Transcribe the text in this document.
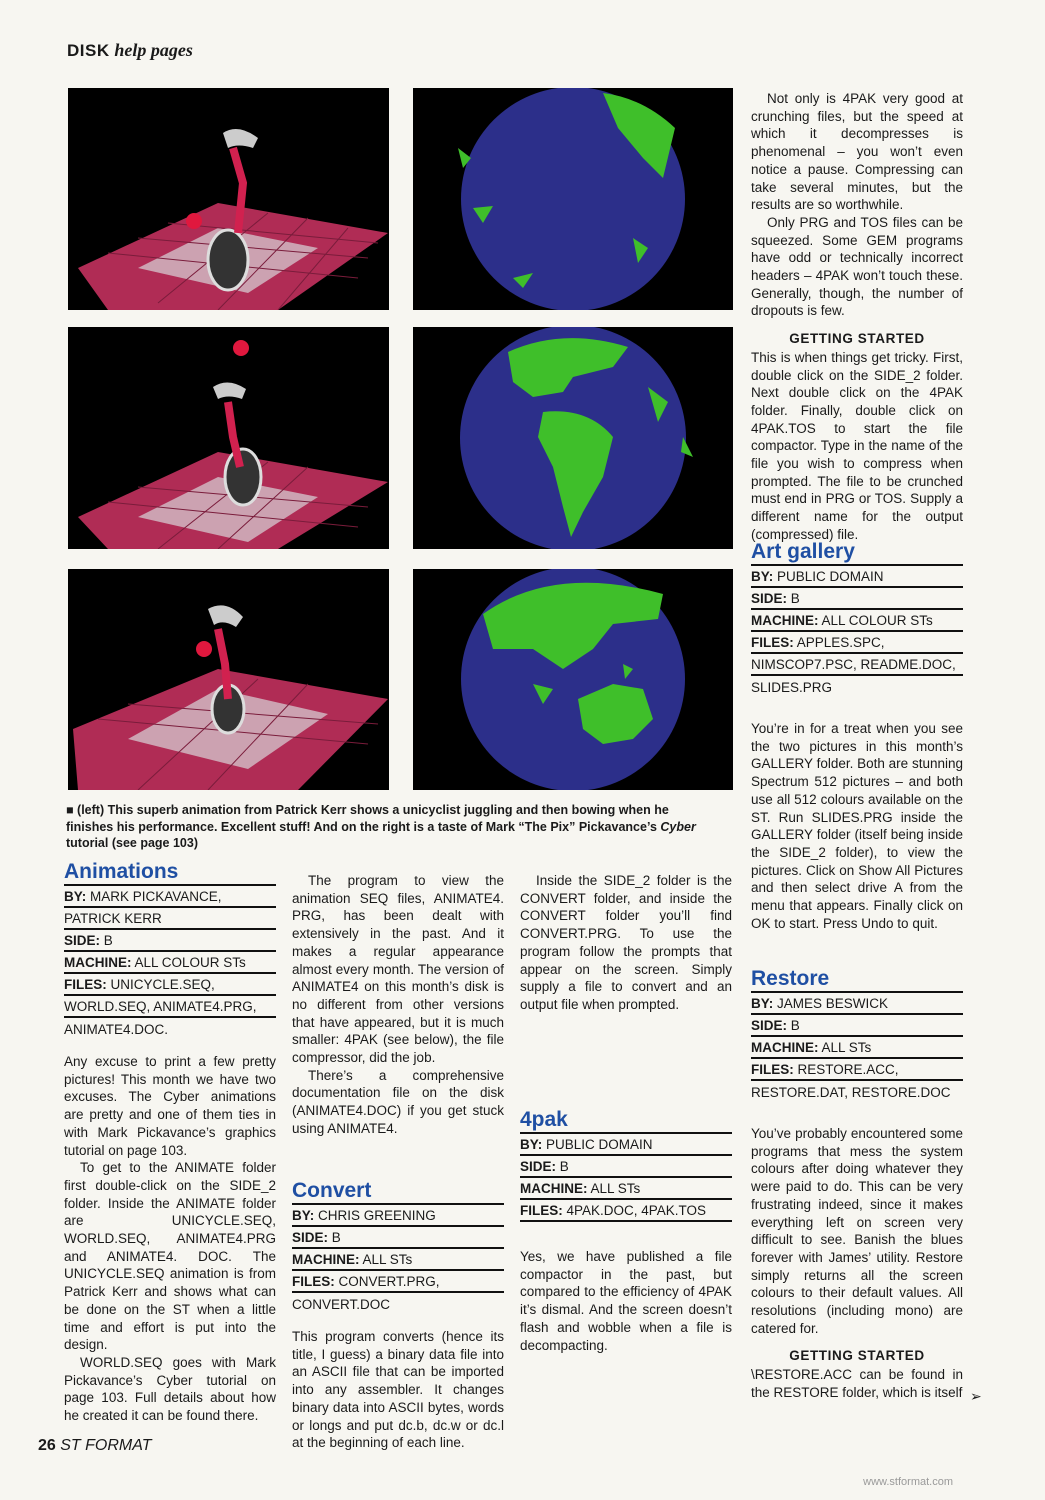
DISK help pages
■ (left) This superb animation from Patrick Kerr shows a unicyclist juggling and then bowing when he finishes his performance. Excellent stuff! And on the right is a taste of Mark “The Pix” Pickavance’s Cyber tutorial (see page 103)
Animations
BY: MARK PICKAVANCE,
PATRICK KERR
SIDE: B
MACHINE: ALL COLOUR STs
FILES: UNICYCLE.SEQ,
WORLD.SEQ, ANIMATE4.PRG,
ANIMATE4.DOC.

Any excuse to print a few pretty pictures! This month we have two excuses. The Cyber animations are pretty and one of them ties in with Mark Pickavance’s graphics tutorial on page 103.

To get to the ANIMATE folder first double-click on the SIDE_2 folder. Inside the ANIMATE folder are UNICYCLE.SEQ, WORLD.SEQ, ANIMATE4.PRG and ANIMATE4. DOC. The UNICYCLE.SEQ animation is from Patrick Kerr and shows what can be done on the ST when a little time and effort is put into the design.

WORLD.SEQ goes with Mark Pickavance’s Cyber tutorial on page 103. Full details about how he created it can be found there.

The program to view the animation SEQ files, ANIMATE4. PRG, has been dealt with extensively in the past. And it makes a regular appearance almost every month. The version of ANIMATE4 on this month’s disk is no different from other versions that have appeared, but it is much smaller: 4PAK (see below), the file compressor, did the job.

There’s a comprehensive documentation file on the disk (ANIMATE4.DOC) if you get stuck using ANIMATE4.

Convert
BY: CHRIS GREENING
SIDE: B
MACHINE: ALL STs
FILES: CONVERT.PRG,
CONVERT.DOC

This program converts (hence its title, I guess) a binary data file into an ASCII file that can be imported into any assembler. It changes binary data into ASCII bytes, words or longs and put dc.b, dc.w or dc.l at the beginning of each line.

Inside the SIDE_2 folder is the CONVERT folder, and inside the CONVERT folder you’ll find CONVERT.PRG. To use the program follow the prompts that appear on the screen. Simply supply a file to convert and an output file when prompted.

4pak
BY: PUBLIC DOMAIN
SIDE: B
MACHINE: ALL STs
FILES: 4PAK.DOC, 4PAK.TOS

Yes, we have published a file compactor in the past, but compared to the efficiency of 4PAK it’s dismal. And the screen doesn’t flash and wobble when a file is decompacting.

Not only is 4PAK very good at crunching files, but the speed at which it decompresses is phenomenal – you won’t even notice a pause. Compressing can take several minutes, but the results are so worthwhile.

Only PRG and TOS files can be squeezed. Some GEM programs have odd or technically incorrect headers – 4PAK won’t touch these. Generally, though, the number of dropouts is few.

GETTING STARTED

This is when things get tricky. First, double click on the SIDE_2 folder. Next double click on the 4PAK folder. Finally, double click on 4PAK.TOS to start the file compactor. Type in the name of the file you wish to compress when prompted. The file to be crunched must end in PRG or TOS. Supply a different name for the output (compressed) file.

Art gallery
BY: PUBLIC DOMAIN
SIDE: B
MACHINE: ALL COLOUR STs
FILES: APPLES.SPC,
NIMSCOP7.PSC, README.DOC,
SLIDES.PRG

You’re in for a treat when you see the two pictures in this month’s GALLERY folder. Both are stunning Spectrum 512 pictures – and both use all 512 colours available on the ST. Run SLIDES.PRG inside the GALLERY folder (itself being inside the SIDE_2 folder), to view the pictures. Click on Show All Pictures and then select drive A from the menu that appears. Finally click on OK to start. Press Undo to quit.

Restore
BY: JAMES BESWICK
SIDE: B
MACHINE: ALL STs
FILES: RESTORE.ACC,
RESTORE.DAT, RESTORE.DOC

You’ve probably encountered some programs that mess the system colours after doing whatever they were paid to do. This can be very frustrating indeed, since it makes everything left on screen very difficult to see. Banish the blues forever with James’ utility. Restore simply returns all the screen colours to their default values. All resolutions (including mono) are catered for.

GETTING STARTED

\RESTORE.ACC can be found in the RESTORE folder, which is itself ➢
26 ST FORMAT
www.stformat.com
